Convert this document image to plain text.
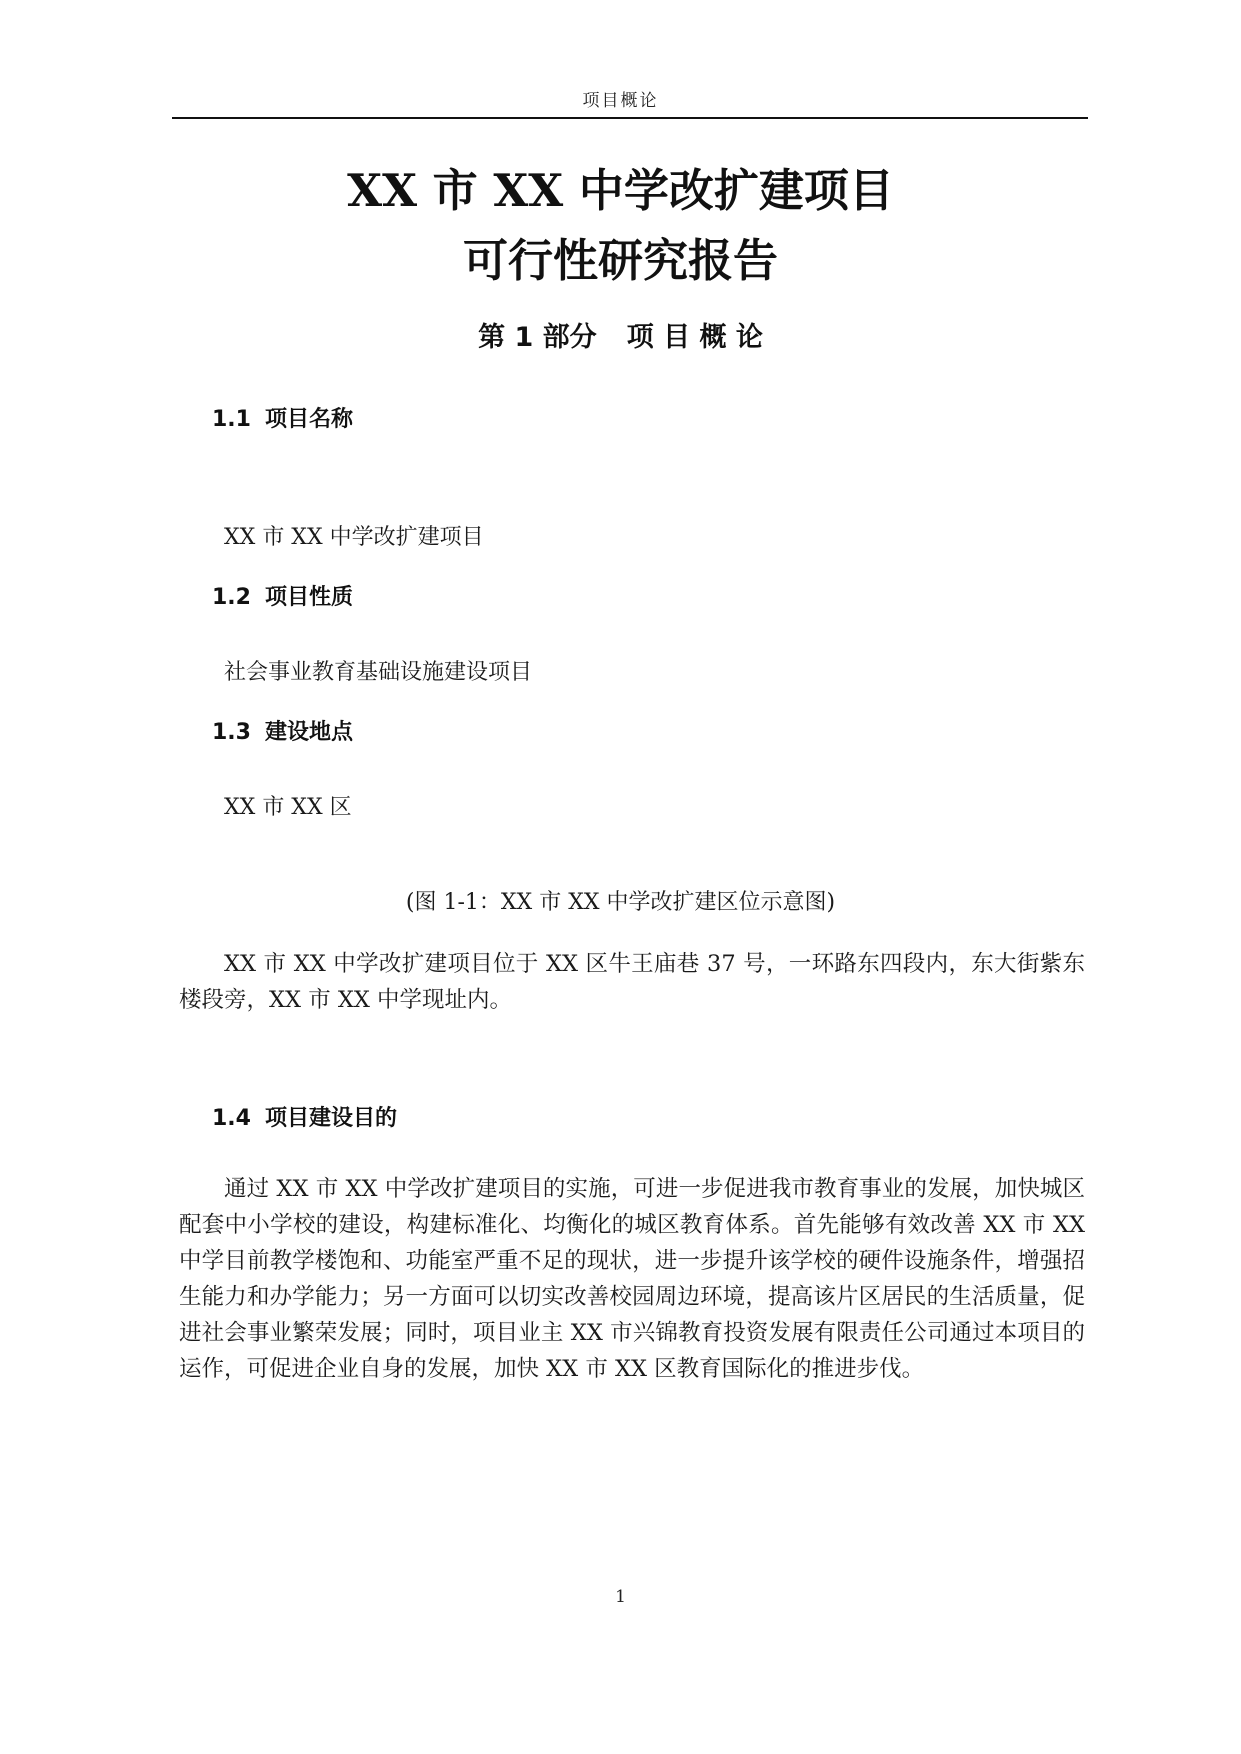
项目概论
XX 市 XX 中学改扩建项目
可行性研究报告
第 1 部分 项 目 概 论
1.1 项目名称
XX 市 XX 中学改扩建项目
1.2 项目性质
社会事业教育基础设施建设项目
1.3 建设地点
XX 市 XX 区
(图 1-1：XX 市 XX 中学改扩建区位示意图)

XX 市 XX 中学改扩建项目位于 XX 区牛王庙巷 37 号，一环路东四段内，东大街紫东楼段旁，XX 市 XX 中学现址内。

1.4 项目建设目的

通过 XX 市 XX 中学改扩建项目的实施，可进一步促进我市教育事业的发展，加快城区配套中小学校的建设，构建标准化、均衡化的城区教育体系。首先能够有效改善 XX 市 XX 中学目前教学楼饱和、功能室严重不足的现状，进一步提升该学校的硬件设施条件，增强招生能力和办学能力；另一方面可以切实改善校园周边环境，提高该片区居民的生活质量，促进社会事业繁荣发展；同时，项目业主 XX 市兴锦教育投资发展有限责任公司通过本项目的运作，可促进企业自身的发展，加快 XX 市 XX 区教育国际化的推进步伐。

1
